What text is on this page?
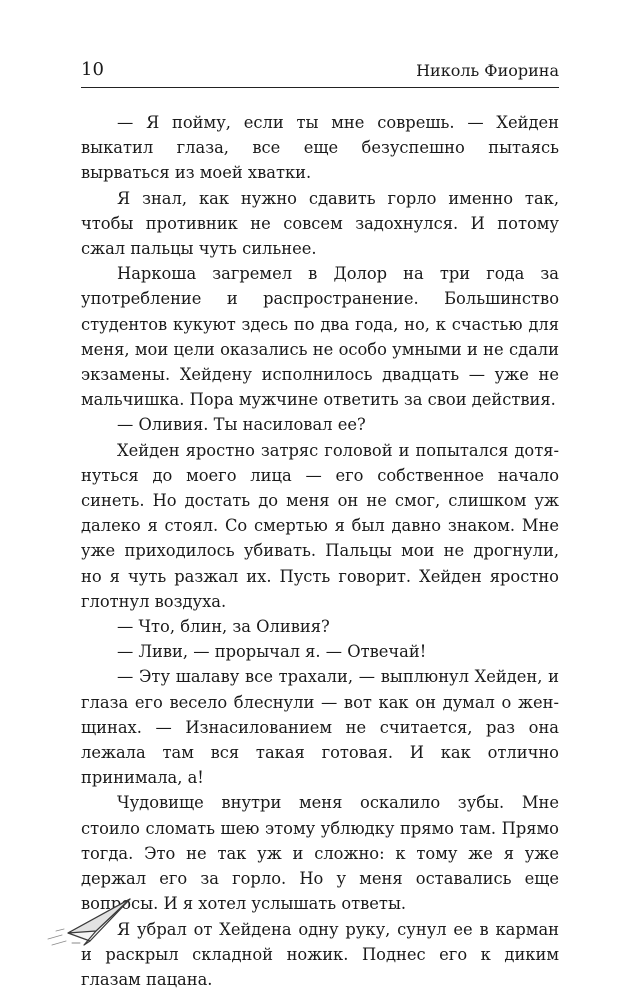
10	Николь Фиорина

— Я пойму, если ты мне соврешь. — Хейден выкатил глаза, все еще безуспешно пытаясь вырваться из моей хватки.

Я знал, как нужно сдавить горло именно так, чтобы противник не совсем задохнулся. И потому сжал пальцы чуть сильнее.

Наркоша загремел в Долор на три года за употребление и распространение. Большинство студентов кукуют здесь по два года, но, к счастью для меня, мои цели оказались не особо умными и не сдали экзамены. Хейдену исполнилось двадцать — уже не мальчишка. Пора мужчине ответить за свои действия.

— Оливия. Ты насиловал ее?

Хейден яростно затряс головой и попытался дотянуться до моего лица — его собственное начало синеть. Но достать до меня он не смог, слишком уж далеко я стоял. Со смертью я был давно знаком. Мне уже приходилось убивать. Пальцы мои не дрогнули, но я чуть разжал их. Пусть говорит. Хейден яростно глотнул воздуха.

— Что, блин, за Оливия?

— Ливи, — прорычал я. — Отвечай!

— Эту шалаву все трахали, — выплюнул Хейден, и глаза его весело блеснули — вот как он думал о женщинах. — Изнасилованием не считается, раз она лежала там вся такая готовая. И как отлично принимала, а!

Чудовище внутри меня оскалило зубы. Мне стоило сломать шею этому ублюдку прямо там. Прямо тогда. Это не так уж и сложно: к тому же я уже держал его за горло. Но у меня оставались еще вопросы. И я хотел услышать ответы.

Я убрал от Хейдена одну руку, сунул ее в карман и раскрыл складной ножик. Поднес его к диким глазам пацана.
